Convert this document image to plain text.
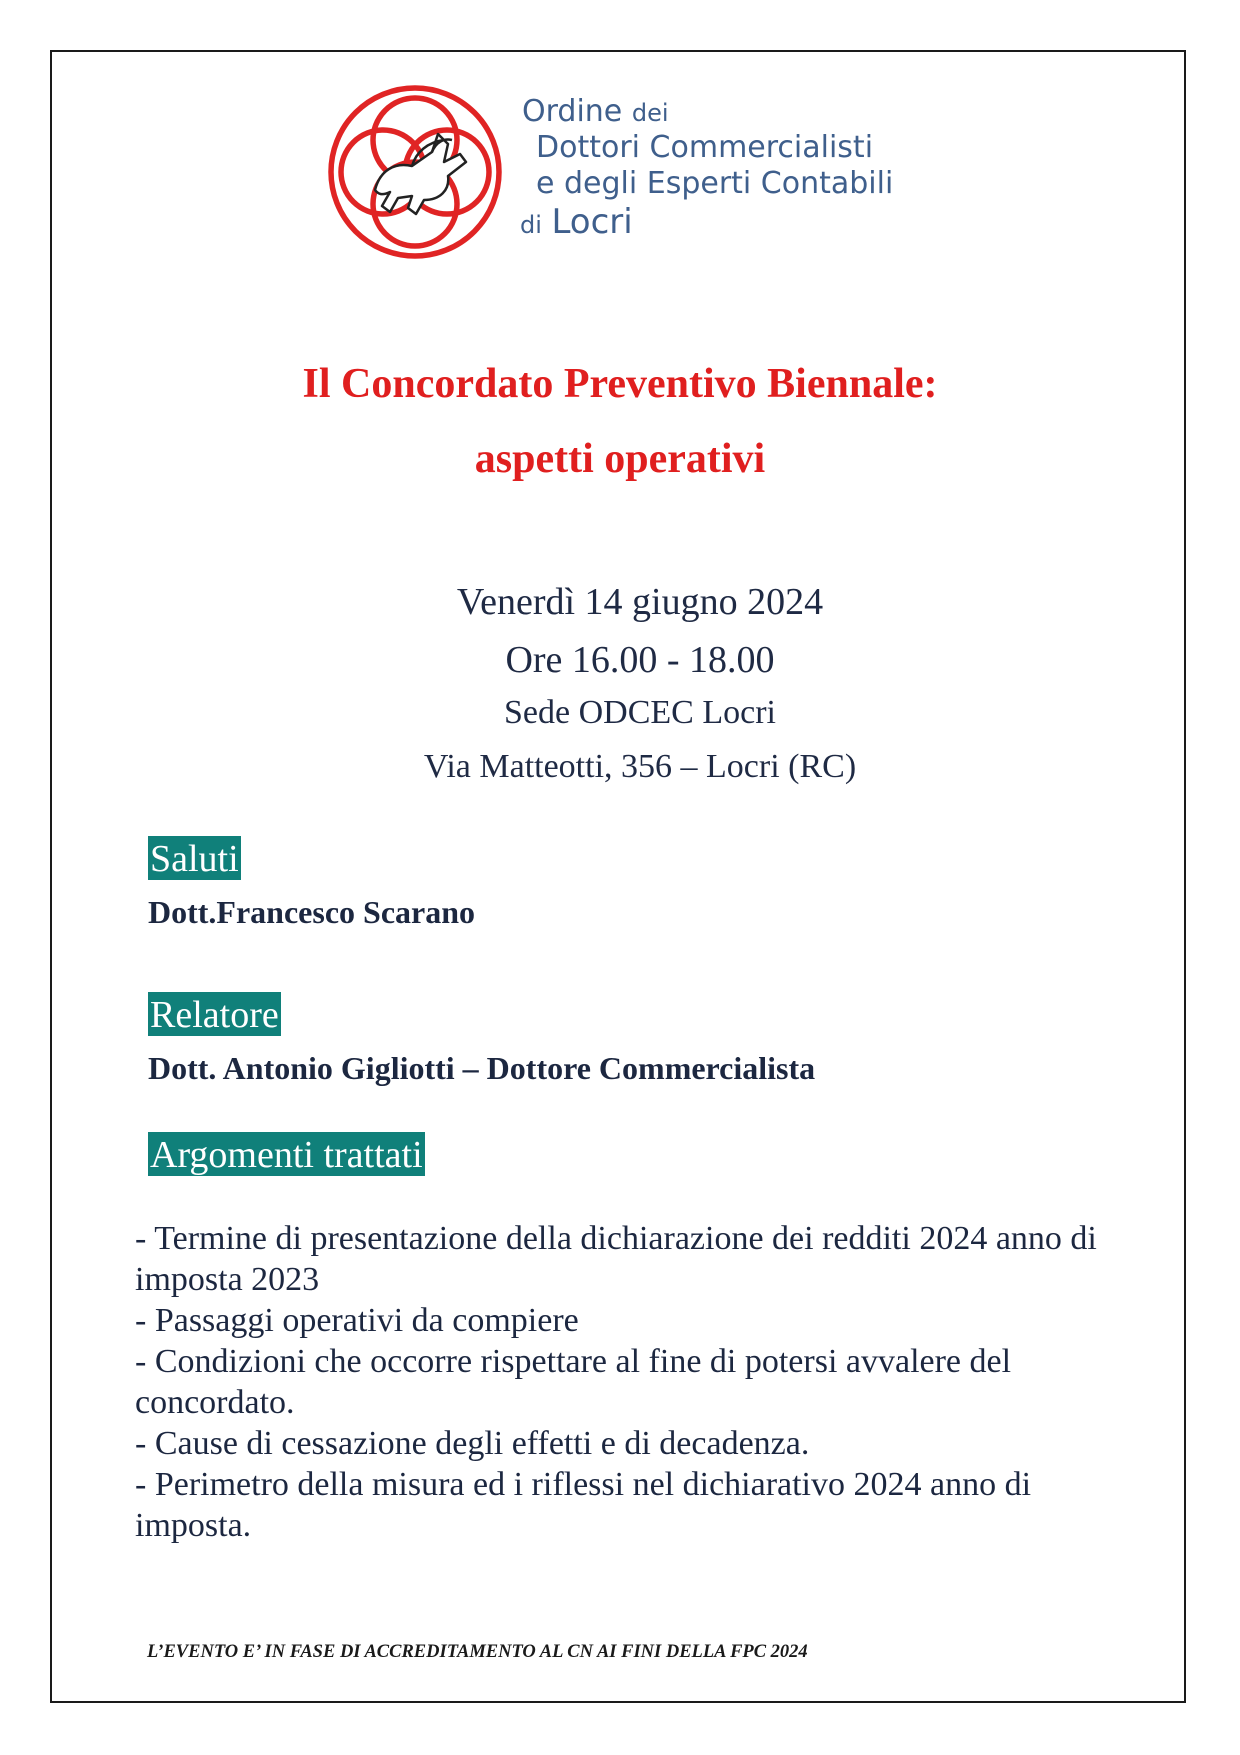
Ordine dei
Dottori Commercialisti
e degli Esperti Contabili
di Locri
Il Concordato Preventivo Biennale:
aspetti operativi
Venerdì 14 giugno 2024
Ore 16.00 - 18.00
Sede ODCEC Locri
Via Matteotti, 356 – Locri (RC)
Saluti
Dott.Francesco Scarano
Relatore
Dott. Antonio Gigliotti – Dottore Commercialista
Argomenti trattati
- Termine di presentazione della dichiarazione dei redditi 2024 anno di imposta 2023
- Passaggi operativi da compiere
- Condizioni che occorre rispettare al fine di potersi avvalere del concordato.
- Cause di cessazione degli effetti e di decadenza.
- Perimetro della misura ed i riflessi nel dichiarativo 2024 anno di imposta.
L’EVENTO E’ IN FASE DI ACCREDITAMENTO AL CN AI FINI DELLA FPC 2024
